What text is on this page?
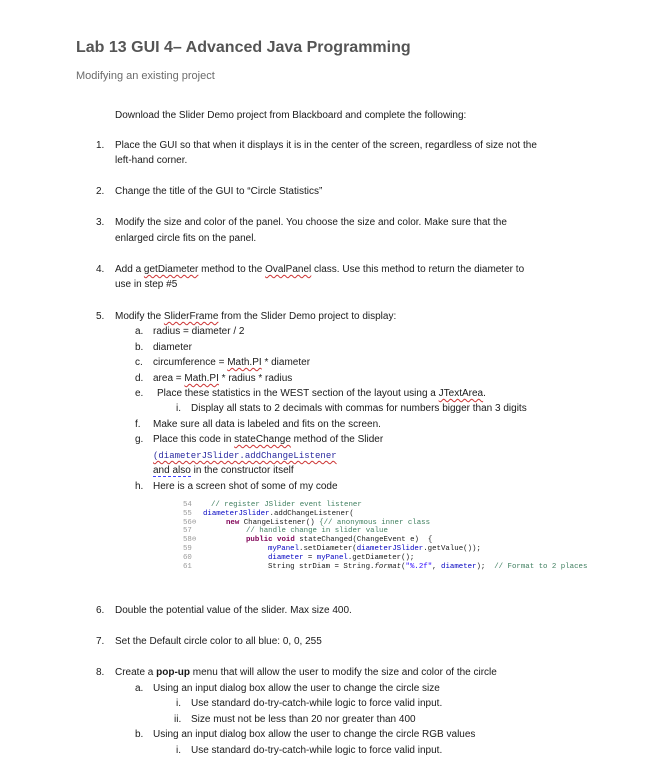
Lab 13 GUI 4– Advanced Java Programming
Modifying an existing project
Download the Slider Demo project from Blackboard and complete the following:
1. Place the GUI so that when it displays it is in the center of the screen, regardless of size not the
left-hand corner.
2. Change the title of the GUI to “Circle Statistics”
3. Modify the size and color of the panel. You choose the size and color. Make sure that the
enlarged circle fits on the panel.
4. Add a getDiameter method to the OvalPanel class. Use this method to return the diameter to
use in step #5
5. Modify the SliderFrame from the Slider Demo project to display:
a. radius = diameter / 2
b. diameter
c. circumference = Math.PI * diameter
d. area = Math.PI * radius * radius
e. Place these statistics in the WEST section of the layout using a JTextArea.
i. Display all stats to 2 decimals with commas for numbers bigger than 3 digits
f. Make sure all data is labeled and fits on the screen.
g. Place this code in stateChange method of the Slider
(diameterJSlider.addChangeListener
and also in the constructor itself
h. Here is a screen shot of some of my code
54	// register JSlider event listener
55	diameterJSlider.addChangeListener(
56⊖	new ChangeListener() {// anonymous inner class
57	// handle change in slider value
58⊖	public void stateChanged(ChangeEvent e)  {
59	myPanel.setDiameter(diameterJSlider.getValue());
60	diameter = myPanel.getDiameter();
61	String strDiam = String.format("%.2f", diameter);  // Format to 2 places
6. Double the potential value of the slider. Max size 400.
7. Set the Default circle color to all blue: 0, 0, 255
8. Create a pop-up menu that will allow the user to modify the size and color of the circle
a. Using an input dialog box allow the user to change the circle size
i. Use standard do-try-catch-while logic to force valid input.
ii. Size must not be less than 20 nor greater than 400
b. Using an input dialog box allow the user to change the circle RGB values
i. Use standard do-try-catch-while logic to force valid input.
